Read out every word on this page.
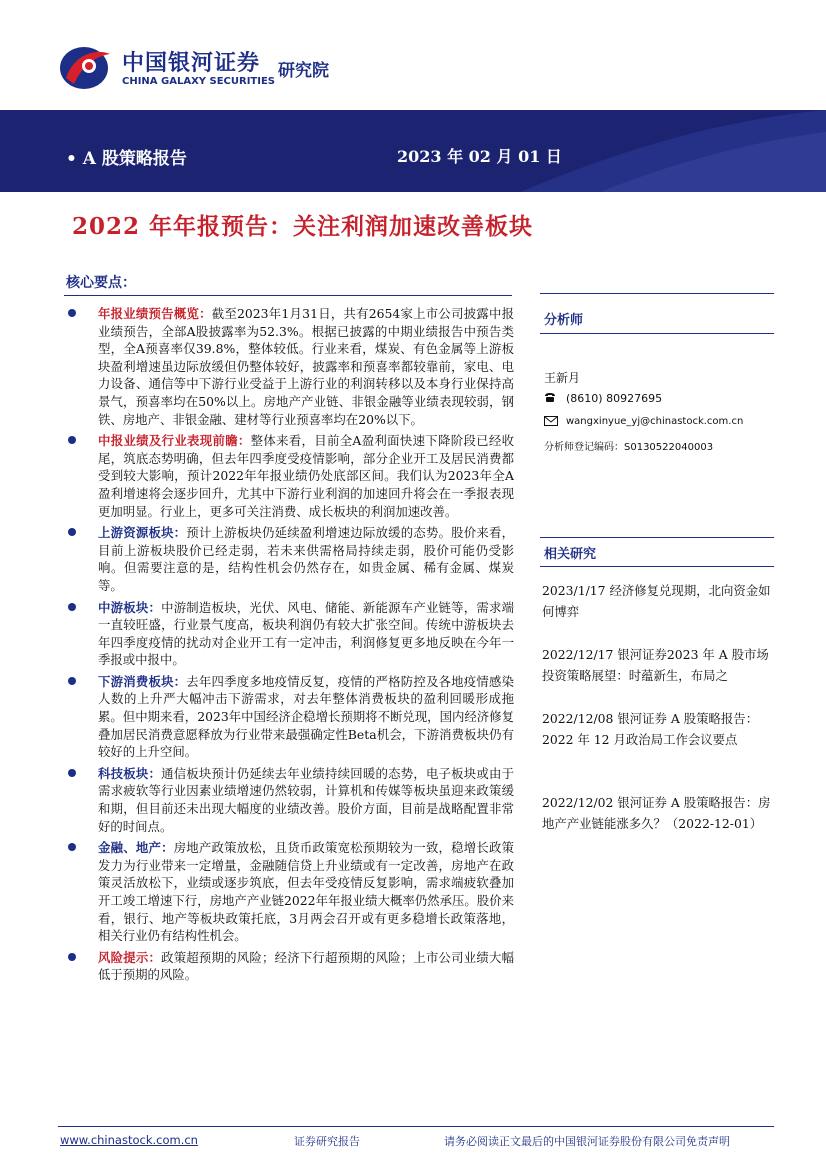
中国银河证券
CHINA GALAXY SECURITIES
研究院
• A 股策略报告	2023 年 02 月 01 日
2022 年年报预告：关注利润加速改善板块
核心要点：
年报业绩预告概览：截至2023年1月31日，共有2654家上市公司披露中报业绩预告，全部A股披露率为52.3%。根据已披露的中期业绩报告中预告类型，全A预喜率仅39.8%，整体较低。行业来看，煤炭、有色金属等上游板块盈利增速虽边际放缓但仍整体较好，披露率和预喜率都较靠前，家电、电力设备、通信等中下游行业受益于上游行业的利润转移以及本身行业保持高景气，预喜率均在50%以上。房地产产业链、非银金融等业绩表现较弱，钢铁、房地产、非银金融、建材等行业预喜率均在20%以下。
中报业绩及行业表现前瞻：整体来看，目前全A盈利面快速下降阶段已经收尾，筑底态势明确，但去年四季度受疫情影响，部分企业开工及居民消费都受到较大影响，预计2022年年报业绩仍处底部区间。我们认为2023年全A盈利增速将会逐步回升，尤其中下游行业利润的加速回升将会在一季报表现更加明显。行业上，更多可关注消费、成长板块的利润加速改善。
上游资源板块：预计上游板块仍延续盈利增速边际放缓的态势。股价来看，目前上游板块股价已经走弱，若未来供需格局持续走弱，股价可能仍受影响。但需要注意的是，结构性机会仍然存在，如贵金属、稀有金属、煤炭等。
中游板块：中游制造板块，光伏、风电、储能、新能源车产业链等，需求端一直较旺盛，行业景气度高，板块利润仍有较大扩张空间。传统中游板块去年四季度疫情的扰动对企业开工有一定冲击，利润修复更多地反映在今年一季报或中报中。
下游消费板块：去年四季度多地疫情反复，疫情的严格防控及各地疫情感染人数的上升严大幅冲击下游需求，对去年整体消费板块的盈利回暖形成拖累。但中期来看，2023年中国经济企稳增长预期将不断兑现，国内经济修复叠加居民消费意愿释放为行业带来最强确定性Beta机会，下游消费板块仍有较好的上升空间。
科技板块：通信板块预计仍延续去年业绩持续回暖的态势，电子板块或由于需求疲软等行业因素业绩增速仍然较弱，计算机和传媒等板块虽迎来政策缓和期，但目前还未出现大幅度的业绩改善。股价方面，目前是战略配置非常好的时间点。
金融、地产：房地产政策放松，且货币政策宽松预期较为一致，稳增长政策发力为行业带来一定增量，金融随信贷上升业绩或有一定改善，房地产在政策灵活放松下，业绩或逐步筑底，但去年受疫情反复影响，需求端疲软叠加开工竣工增速下行，房地产产业链2022年年报业绩大概率仍然承压。股价来看，银行、地产等板块政策托底，3月两会召开或有更多稳增长政策落地，相关行业仍有结构性机会。
风险提示：政策超预期的风险；经济下行超预期的风险；上市公司业绩大幅低于预期的风险。
分析师
王新月
(8610) 80927695
wangxinyue_yj@chinastock.com.cn
分析师登记编码：S0130522040003
相关研究
2023/1/17 经济修复兑现期，北向资金如何博弈
2022/12/17 银河证券2023 年 A 股市场投资策略展望：时蕴新生，布局之
2022/12/08 银河证券 A 股策略报告：2022 年 12 月政治局工作会议要点
2022/12/02 银河证券 A 股策略报告：房地产产业链能涨多久？（2022-12-01）
www.chinastock.com.cn	证券研究报告	请务必阅读正文最后的中国银河证券股份有限公司免责声明
